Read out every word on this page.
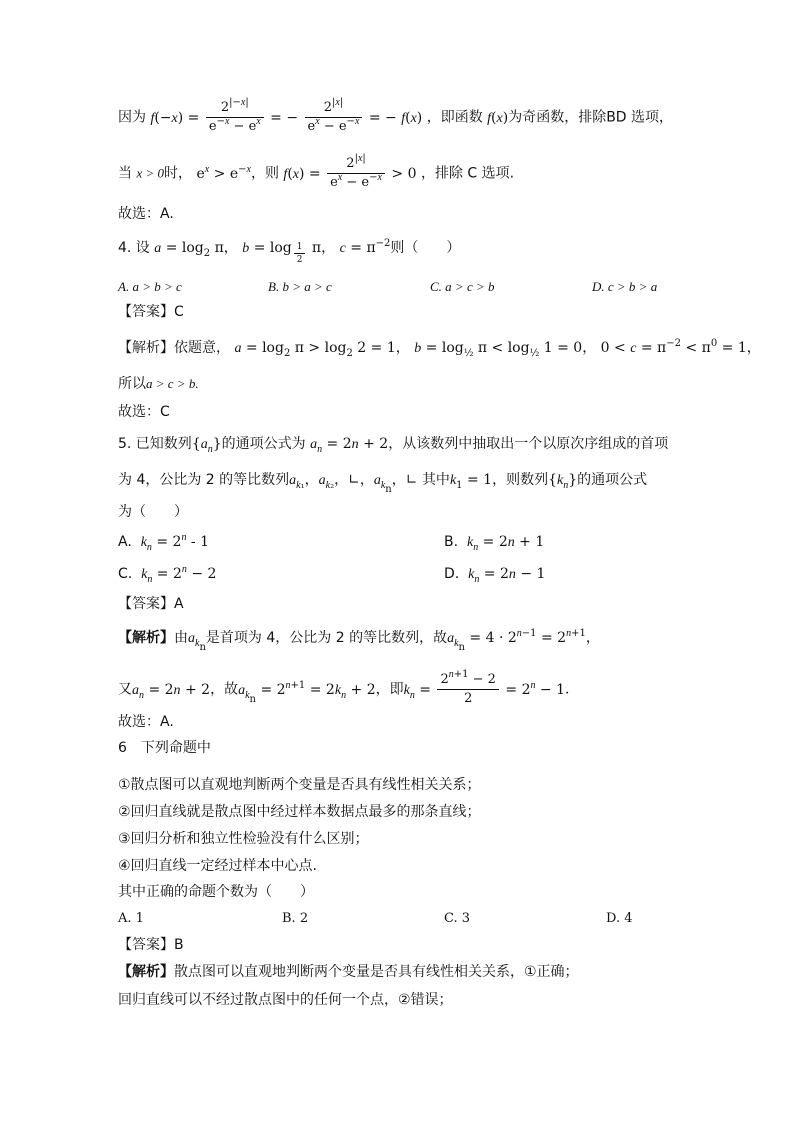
因为 $f(-x) = \frac{2^{|-x|}}{e^{-x} - e^x}$ = − $\frac{2^{|x|}}{e^x - e^{-x}}$ = − f(x) ，即函数 f(x)为奇函数，排除BD 选项，
当 x > 0时， $e^x > e^{-x}$，则 $f(x) = \frac{2^{|x|}}{e^x - e^{-x}} > 0$ ，排除 C 选项.
故选：A.
4. 设 $a = \log_2 \pi$， b = log $_{\frac{1}{2}}$ π， $c = \pi^{-2}$则（　　）
A. a > b > c	B. b > a > c	C. a > c > b	D. c > b > a
【答案】C
【解析】依题意， $a = \log_2 \pi > \log_2 2 = 1$， $b = \log_{\frac{1}{2}} \pi < \log_{\frac{1}{2}} 1 = 0$， $0 < c = \pi^{-2} < \pi^0 = 1$，
所以a > c > b.
故选：C
5. 已知数列$\{a_n\}$的通项公式为 $a_n = 2n + 2$，从该数列中抽取出一个以原次序组成的首项
为 4，公比为 2 的等比数列$a_{k_1}$，$a_{k_2}$，∟，$a_{k_n}$，∟ 其中$k_1 = 1$，则数列$\{k_n\}$的通项公式
为（　　）
A. $k_n = 2^n - 1$	B. $k_n = 2n + 1$
C. $k_n = 2^n - 2$	D. $k_n = 2n - 1$
【答案】A
【解析】由$a_{k_n}$是首项为 4，公比为 2 的等比数列，故$a_{k_n} = 4 \cdot 2^{n-1} = 2^{n+1}$，
又$a_n = 2n + 2$，故$a_{k_n} = 2^{n+1} = 2k_n + 2$，即$k_n = \frac{2^{n+1} - 2}{2} = 2^n - 1$.
故选：A.
6　下列命题中
①散点图可以直观地判断两个变量是否具有线性相关关系；
②回归直线就是散点图中经过样本数据点最多的那条直线；
③回归分析和独立性检验没有什么区别；
④回归直线一定经过样本中心点.
其中正确的命题个数为（　　）
A. 1	B. 2	C. 3	D. 4
【答案】B
【解析】散点图可以直观地判断两个变量是否具有线性相关关系，①正确；
回归直线可以不经过散点图中的任何一个点，②错误；
